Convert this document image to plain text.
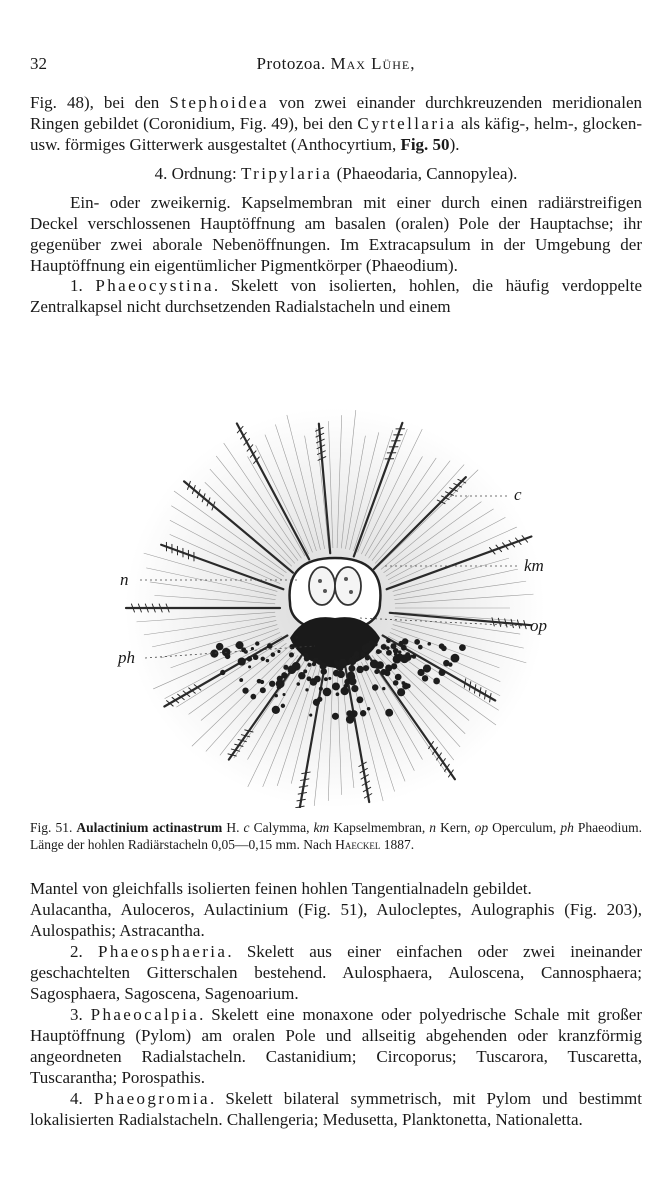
32	Protozoa. Max Lühe,

Fig. 48), bei den Stephoidea von zwei einander durchkreuzenden meridionalen Ringen gebildet (Coronidium, Fig. 49), bei den Cyrtellaria als käfig-, helm-, glocken- usw. förmiges Gitterwerk ausgestaltet (Anthocyrtium, Fig. 50).

4. Ordnung: Tripylaria (Phaeodaria, Cannopylea).

Ein- oder zweikernig. Kapselmembran mit einer durch einen radiärstreifigen Deckel verschlossenen Hauptöffnung am basalen (oralen) Pole der Hauptachse; ihr gegenüber zwei aborale Nebenöffnungen. Im Extracapsulum in der Umgebung der Hauptöffnung ein eigentümlicher Pigmentkörper (Phaeodium).

1. Phaeocystina. Skelett von isolierten, hohlen, die häufig verdoppelte Zentralkapsel nicht durchsetzenden Radialstacheln und einem

c
km
n
op
ph
Fig. 51. Aulactinium actinastrum H. c Calymma, km Kapselmembran, n Kern, op Operculum, ph Phaeodium. Länge der hohlen Radiärstacheln 0,05—0,15 mm. Nach Haeckel 1887.

Mantel von gleichfalls isolierten feinen hohlen Tangentialnadeln gebildet.

Aulacantha, Auloceros, Aulactinium (Fig. 51), Aulocleptes, Aulographis (Fig. 203), Aulospathis; Astracantha.

2. Phaeosphaeria. Skelett aus einer einfachen oder zwei ineinander geschachtelten Gitterschalen bestehend. Aulosphaera, Auloscena, Cannosphaera; Sagosphaera, Sagoscena, Sagenoarium.

3. Phaeocalpia. Skelett eine monaxone oder polyedrische Schale mit großer Hauptöffnung (Pylom) am oralen Pole und allseitig abgehenden oder kranzförmig angeordneten Radialstacheln. Castanidium; Circoporus; Tuscarora, Tuscaretta, Tuscarantha; Porospathis.

4. Phaeogromia. Skelett bilateral symmetrisch, mit Pylom und bestimmt lokalisierten Radialstacheln. Challengeria; Medusetta, Planktonetta, Nationaletta.
